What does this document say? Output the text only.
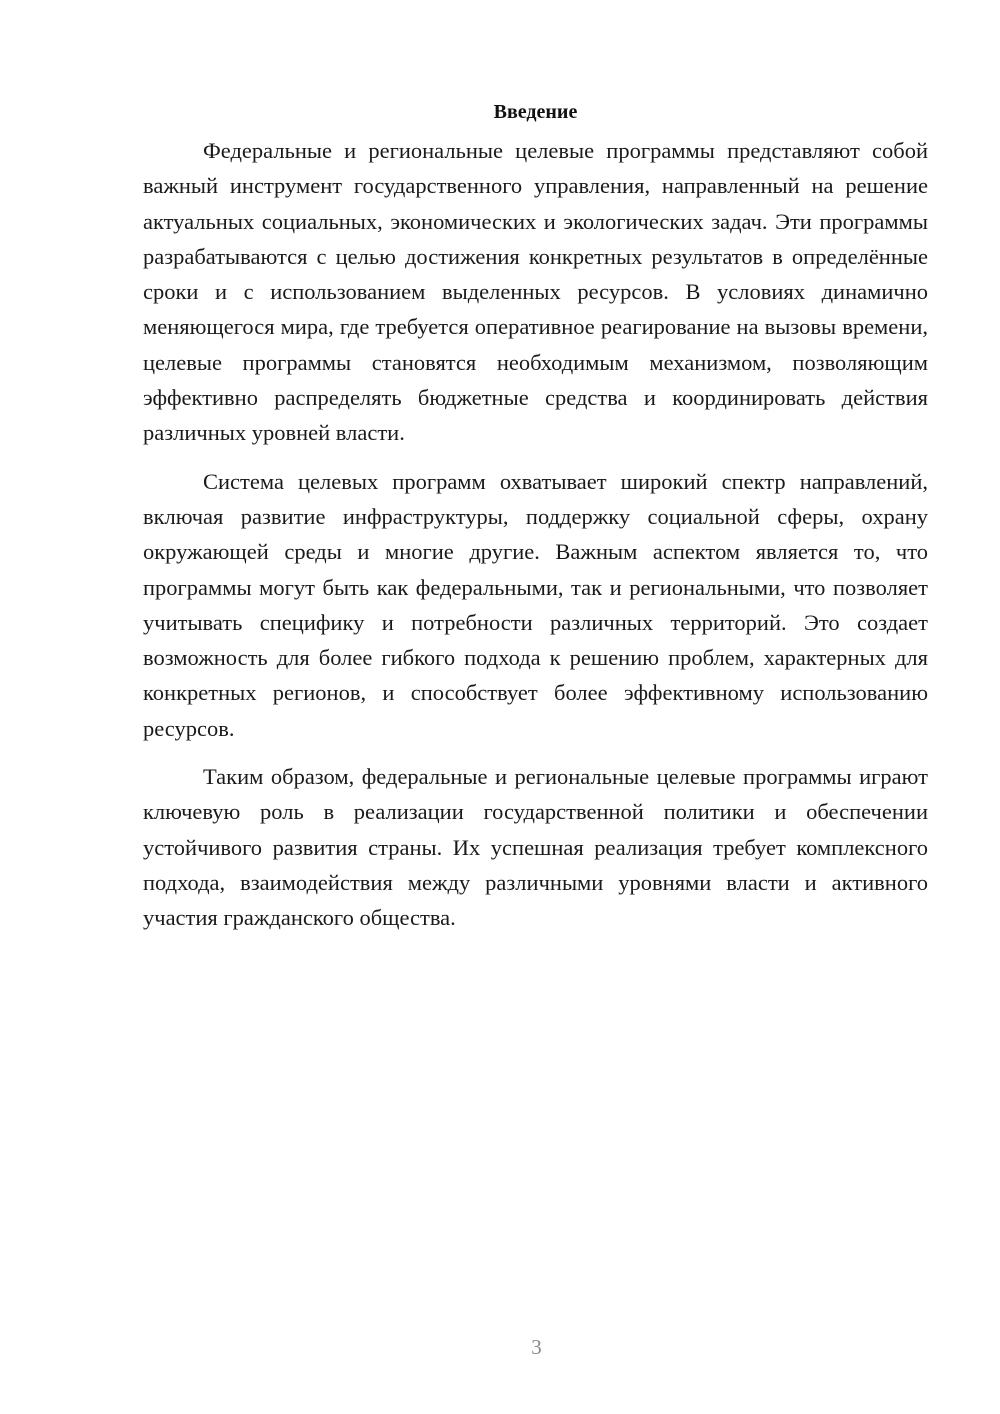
Введение

Федеральные и региональные целевые программы представляют собой важный инструмент государственного управления, направленный на решение актуальных социальных, экономических и экологических задач. Эти программы разрабатываются с целью достижения конкретных результатов в определённые сроки и с использованием выделенных ресурсов. В условиях динамично меняющегося мира, где требуется оперативное реагирование на вызовы времени, целевые программы становятся необходимым механизмом, позволяющим эффективно распределять бюджетные средства и координировать действия различных уровней власти.

Система целевых программ охватывает широкий спектр направлений, включая развитие инфраструктуры, поддержку социальной сферы, охрану окружающей среды и многие другие. Важным аспектом является то, что программы могут быть как федеральными, так и региональными, что позволяет учитывать специфику и потребности различных территорий. Это создает возможность для более гибкого подхода к решению проблем, характерных для конкретных регионов, и способствует более эффективному использованию ресурсов.

Таким образом, федеральные и региональные целевые программы играют ключевую роль в реализации государственной политики и обеспечении устойчивого развития страны. Их успешная реализация требует комплексного подхода, взаимодействия между различными уровнями власти и активного участия гражданского общества.

3
